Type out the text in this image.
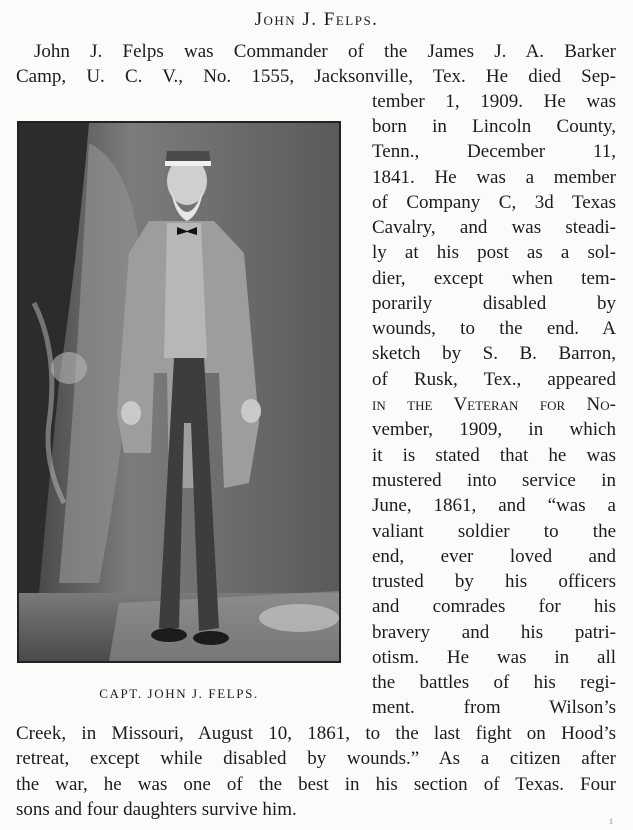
John J. Felps.
John J. Felps was Commander of the James J. A. Barker
Camp, U. C. V., No. 1555, Jacksonville, Tex. He died Sep-
tember 1, 1909. He was
born in Lincoln County,
Tenn., December 11,
1841. He was a member
of Company C, 3d Texas
Cavalry, and was steadi-
ly at his post as a sol-
dier, except when tem-
porarily disabled by
wounds, to the end. A
sketch by S. B. Barron,
of Rusk, Tex., appeared
in the Veteran for No-
vember, 1909, in which
it is stated that he was
mustered into service in
June, 1861, and “was a
valiant soldier to the
end, ever loved and
trusted by his officers
and comrades for his
bravery and his patri-
otism. He was in all
the battles of his regi-
ment. from Wilson’s
Creek, in Missouri, August 10, 1861, to the last fight on Hood’s
retreat, except while disabled by wounds.” As a citizen after
the war, he was one of the best in his section of Texas. Four
sons and four daughters survive him.
CAPT. JOHN J. FELPS.
1
